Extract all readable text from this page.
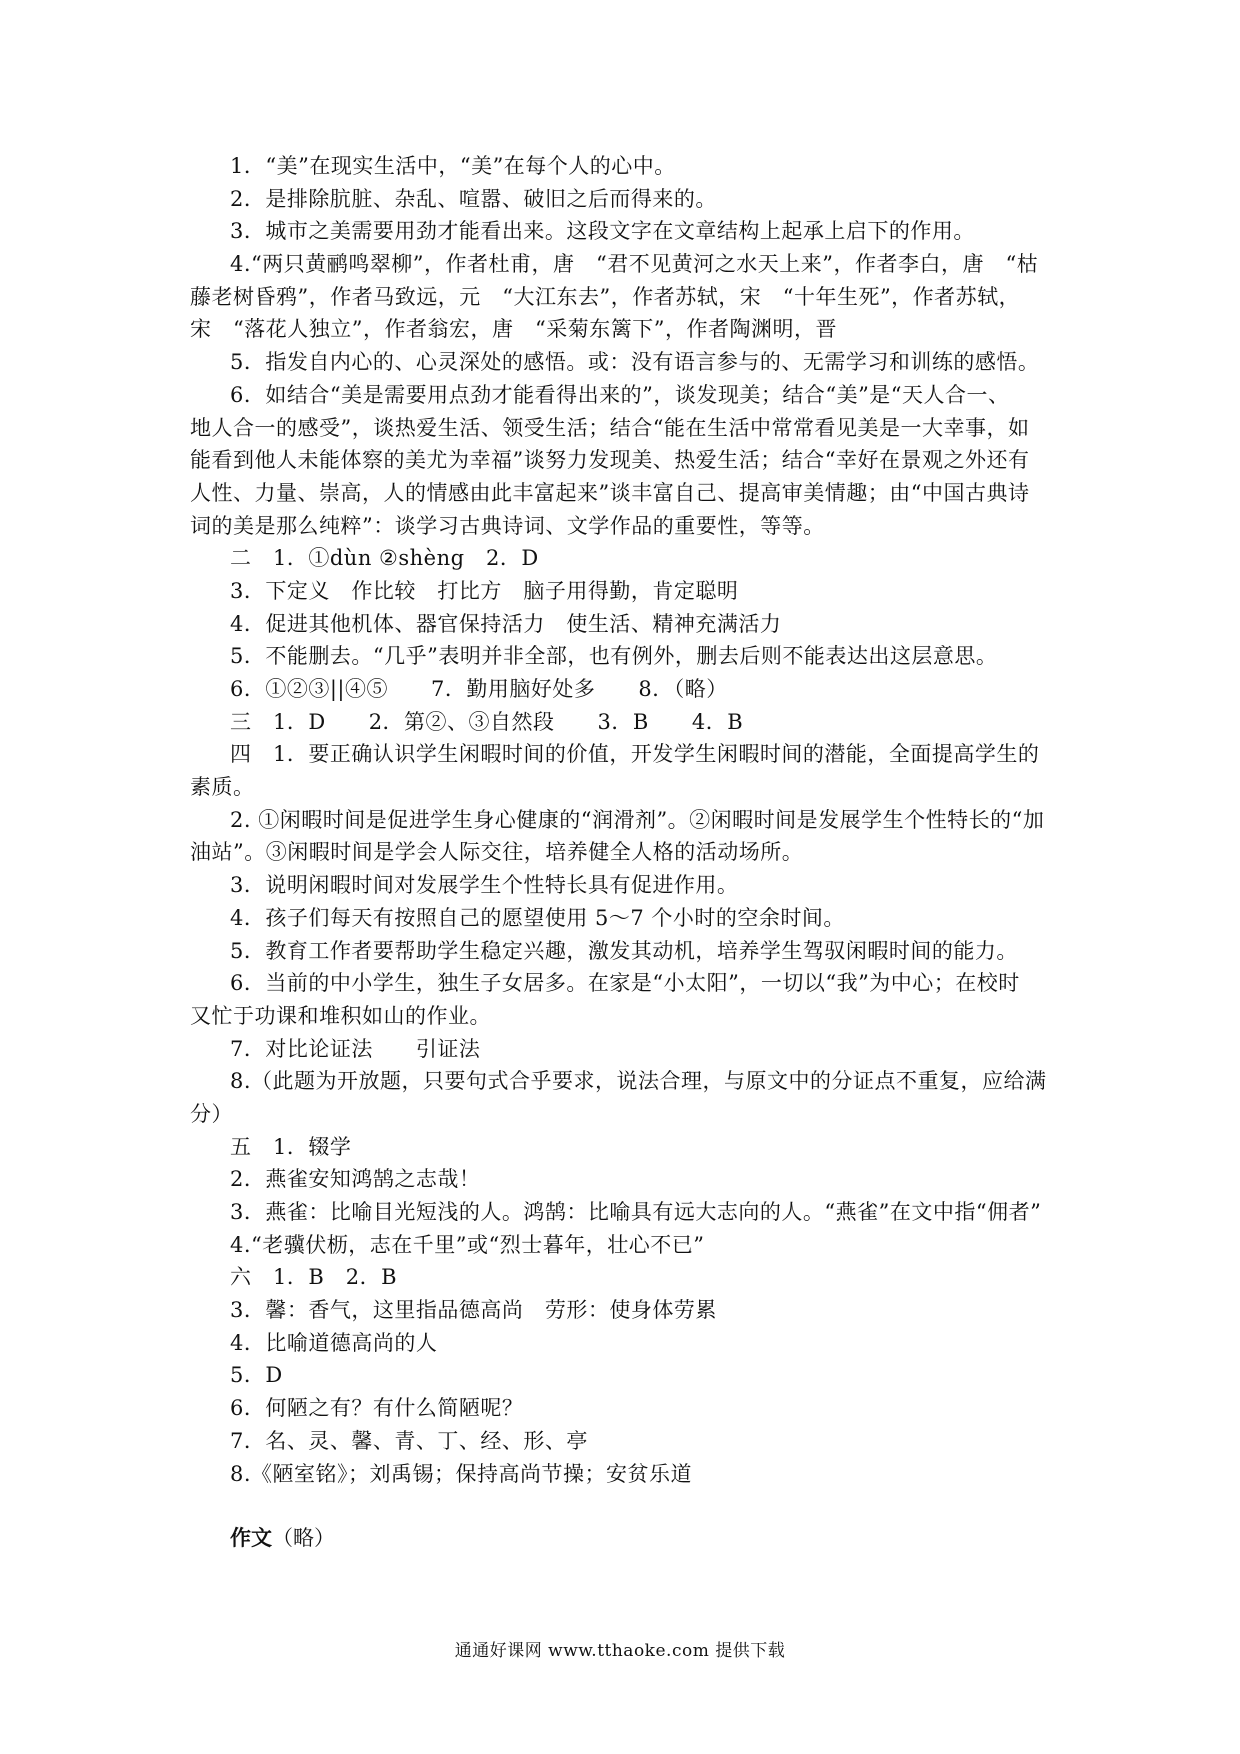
1．“美”在现实生活中，“美”在每个人的心中。
2．是排除肮脏、杂乱、喧嚣、破旧之后而得来的。
3．城市之美需要用劲才能看出来。这段文字在文章结构上起承上启下的作用。
4.“两只黄鹂鸣翠柳”，作者杜甫，唐　“君不见黄河之水天上来”，作者李白，唐　“枯
藤老树昏鸦”，作者马致远，元　“大江东去”，作者苏轼，宋　“十年生死”，作者苏轼，
宋　“落花人独立”，作者翁宏，唐　“采菊东篱下”，作者陶渊明，晋
5．指发自内心的、心灵深处的感悟。或：没有语言参与的、无需学习和训练的感悟。
6．如结合“美是需要用点劲才能看得出来的”，谈发现美；结合“美”是“天人合一、
地人合一的感受”，谈热爱生活、领受生活；结合“能在生活中常常看见美是一大幸事，如
能看到他人未能体察的美尤为幸福”谈努力发现美、热爱生活；结合“幸好在景观之外还有
人性、力量、崇高，人的情感由此丰富起来”谈丰富自己、提高审美情趣；由“中国古典诗
词的美是那么纯粹”：谈学习古典诗词、文学作品的重要性，等等。
二　1．①dùn ②shèng　2．D
3．下定义　作比较　打比方　脑子用得勤，肯定聪明
4．促进其他机体、器官保持活力　使生活、精神充满活力
5．不能删去。“几乎”表明并非全部，也有例外，删去后则不能表达出这层意思。
6．①②③||④⑤　　7．勤用脑好处多　　8．（略）
三　1．D　　2．第②、③自然段　　3．B　　4．B
四　1．要正确认识学生闲暇时间的价值，开发学生闲暇时间的潜能，全面提高学生的
素质。
2. ①闲暇时间是促进学生身心健康的“润滑剂”。②闲暇时间是发展学生个性特长的“加
油站”。③闲暇时间是学会人际交往，培养健全人格的活动场所。
3．说明闲暇时间对发展学生个性特长具有促进作用。
4．孩子们每天有按照自己的愿望使用 5～7 个小时的空余时间。
5．教育工作者要帮助学生稳定兴趣，激发其动机，培养学生驾驭闲暇时间的能力。
6．当前的中小学生，独生子女居多。在家是“小太阳”，一切以“我”为中心；在校时
又忙于功课和堆积如山的作业。
7．对比论证法　　引证法
8.（此题为开放题，只要句式合乎要求，说法合理，与原文中的分证点不重复，应给满
分）
五　1．辍学
2．燕雀安知鸿鹄之志哉！
3．燕雀：比喻目光短浅的人。鸿鹄：比喻具有远大志向的人。“燕雀”在文中指“佣者”
4.“老骥伏枥，志在千里”或“烈士暮年，壮心不已”
六　1．B　2．B
3．馨：香气，这里指品德高尚　劳形：使身体劳累
4．比喻道德高尚的人
5．D
6．何陋之有？有什么简陋呢？
7．名、灵、馨、青、丁、经、形、亭
8.《陋室铭》；刘禹锡；保持高尚节操；安贫乐道
作文（略）
通通好课网 www.tthaoke.com 提供下载
